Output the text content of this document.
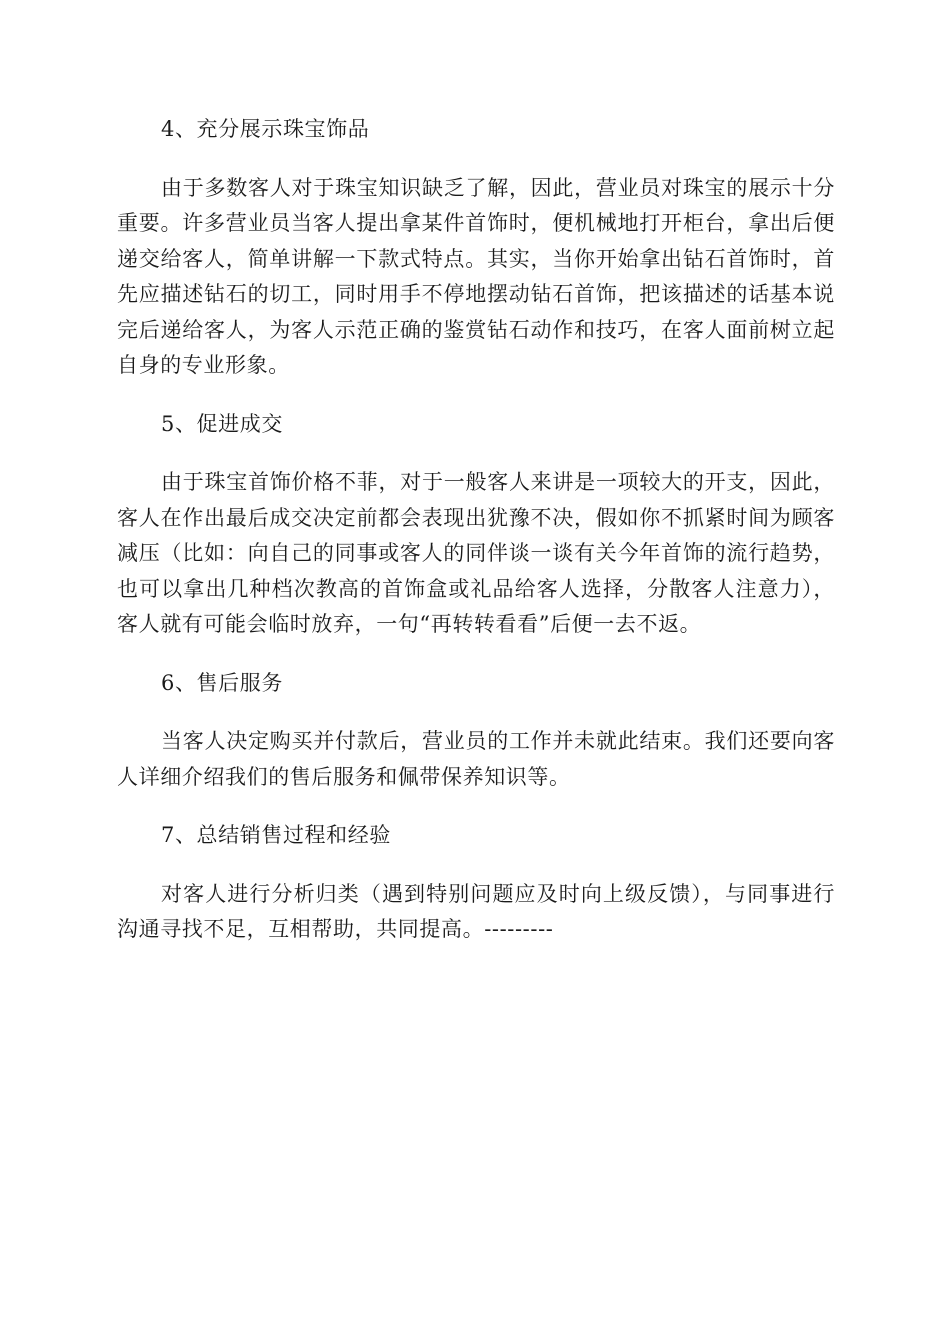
4、充分展示珠宝饰品

由于多数客人对于珠宝知识缺乏了解，因此，营业员对珠宝的展示十分重要。许多营业员当客人提出拿某件首饰时，便机械地打开柜台，拿出后便递交给客人，简单讲解一下款式特点。其实，当你开始拿出钻石首饰时，首先应描述钻石的切工，同时用手不停地摆动钻石首饰，把该描述的话基本说完后递给客人，为客人示范正确的鉴赏钻石动作和技巧，在客人面前树立起自身的专业形象。

5、促进成交

由于珠宝首饰价格不菲，对于一般客人来讲是一项较大的开支，因此，客人在作出最后成交决定前都会表现出犹豫不决，假如你不抓紧时间为顾客减压（比如：向自己的同事或客人的同伴谈一谈有关今年首饰的流行趋势，也可以拿出几种档次教高的首饰盒或礼品给客人选择，分散客人注意力），客人就有可能会临时放弃，一句“再转转看看”后便一去不返。

6、售后服务

当客人决定购买并付款后，营业员的工作并未就此结束。我们还要向客人详细介绍我们的售后服务和佩带保养知识等。

7、总结销售过程和经验

对客人进行分析归类（遇到特别问题应及时向上级反馈），与同事进行沟通寻找不足，互相帮助，共同提高。---------
